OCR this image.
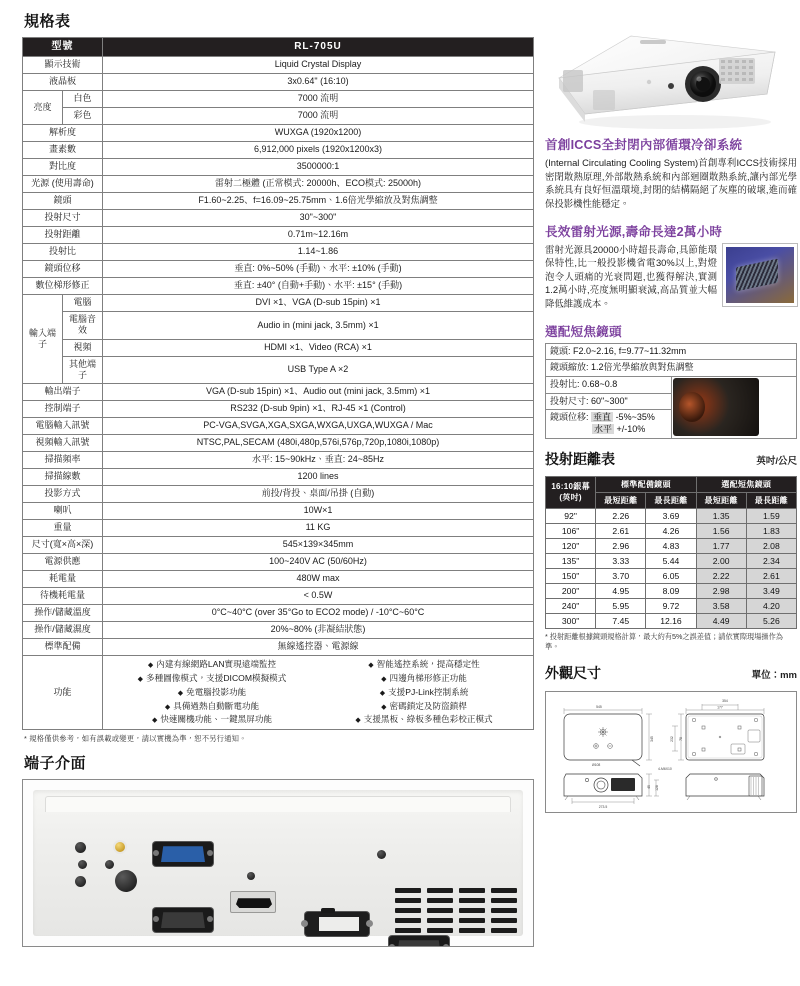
規格表
型號		RL-705U
顯示技術		Liquid Crystal Display
液晶板		3x0.64" (16:10)
亮度	白色	7000 流明
	彩色	7000 流明
解析度		WUXGA (1920x1200)
畫素數		6,912,000 pixels (1920x1200x3)
對比度		3500000:1
光源 (使用壽命)		雷射二極體 (正常模式: 20000h、ECO模式: 25000h)
鏡頭		F1.60~2.25、f=16.09~25.75mm、1.6倍光學縮放及對焦調整
投射尺寸		30"~300"
投射距離		0.71m~12.16m
投射比		1.14~1.86
鏡頭位移		垂直: 0%~50% (手動)、水平: ±10% (手動)
數位梯形修正		垂直: ±40° (自動+手動)、水平: ±15° (手動)
輸入端子	電腦	DVI ×1、VGA (D-sub 15pin) ×1
	電腦音效	Audio in (mini jack, 3.5mm) ×1
	視頻	HDMI ×1、Video (RCA) ×1
	其他端子	USB Type A ×2
輸出端子		VGA (D-sub 15pin) ×1、Audio out (mini jack, 3.5mm) ×1
控制端子		RS232 (D-sub 9pin) ×1、RJ-45 ×1 (Control)
電腦輸入訊號		PC-VGA,SVGA,XGA,SXGA,WXGA,UXGA,WUXGA / Mac
視頻輸入訊號		NTSC,PAL,SECAM (480i,480p,576i,576p,720p,1080i,1080p)
掃描頻率		水平: 15~90kHz、垂直: 24~85Hz
掃描線數		1200 lines
投影方式		前投/背投、桌面/吊掛 (自動)
喇叭		10W×1
重量		11 KG
尺寸(寬×高×深)		545×139×345mm
電源供應		100~240V AC (50/60Hz)
耗電量		480W max
待機耗電量		< 0.5W
操作/儲藏溫度		0°C~40°C (over 35°Go to ECO2 mode) / -10°C~60°C
操作/儲藏濕度		20%~80% (非凝結狀態)
標準配備		無線遙控器、電源線
功能	
◆ 內建有線網路LAN實現遠端監控
◆ 多種圖像模式，支援DICOM模擬模式
◆ 免電腦投影功能
◆ 具備過熱自動斷電功能
◆ 快速關機功能、一鍵黑屏功能
◆ 智能遙控系統，提高穩定性
◆ 四邊角梯形修正功能
◆ 支援PJ-Link控制系統
◆ 密碼鎖定及防盜鎖桿
◆ 支援黑板、綠板多種色彩校正模式
* 規格僅供參考，如有誤載或變更，請以實機為準，恕不另行通知。
端子介面
首創ICCS全封閉內部循環冷卻系統

(Internal Circulating Cooling System)首創專利ICCS技術採用密閉散熱原理,外部散熱系統和內部迴圈散熱系統,讓內部光學系統具有良好恒溫環境,封閉的結構隔絕了灰塵的破壞,進而確保投影機性能穩定。

長效雷射光源,壽命長達2萬小時

雷射光源具20000小時超長壽命,具節能環保特性,比一般投影機省電30%以上,對燈泡令人頭痛的光衰問題,也獲得解決,實測1.2萬小時,亮度無明顯衰減,高品質並大幅降低維護成本。

選配短焦鏡頭
鏡頭: F2.0~2.16, f=9.77~11.32mm
鏡頭縮放: 1.2倍光學縮放與對焦調整
投射比: 0.68~0.8	

投射尺寸: 60"~300"
鏡頭位移: 垂直 -5%~35%
水平 +/-10%
投射距離表	英吋/公尺
16:10銀幕(英吋)	標準配備鏡頭		選配短焦鏡頭	
	最短距離	最長距離	最短距離	最長距離
92"	2.26	3.69	1.35	1.59
106"	2.61	4.26	1.56	1.83
120"	2.96	4.83	1.77	2.08
135"	3.33	5.44	2.00	2.34
150"	3.70	6.05	2.22	2.61
200"	4.95	8.09	2.98	3.49
240"	5.95	9.72	3.58	4.20
300"	7.45	12.16	4.49	5.26
* 投射距離根據鏡頭規格計算，最大約有5%之誤差值；請依實際現場操作為準。
外觀尺寸	單位：mm
545
345
Ø108
354
177
78
232
4-M6X10
273.5
45 128
